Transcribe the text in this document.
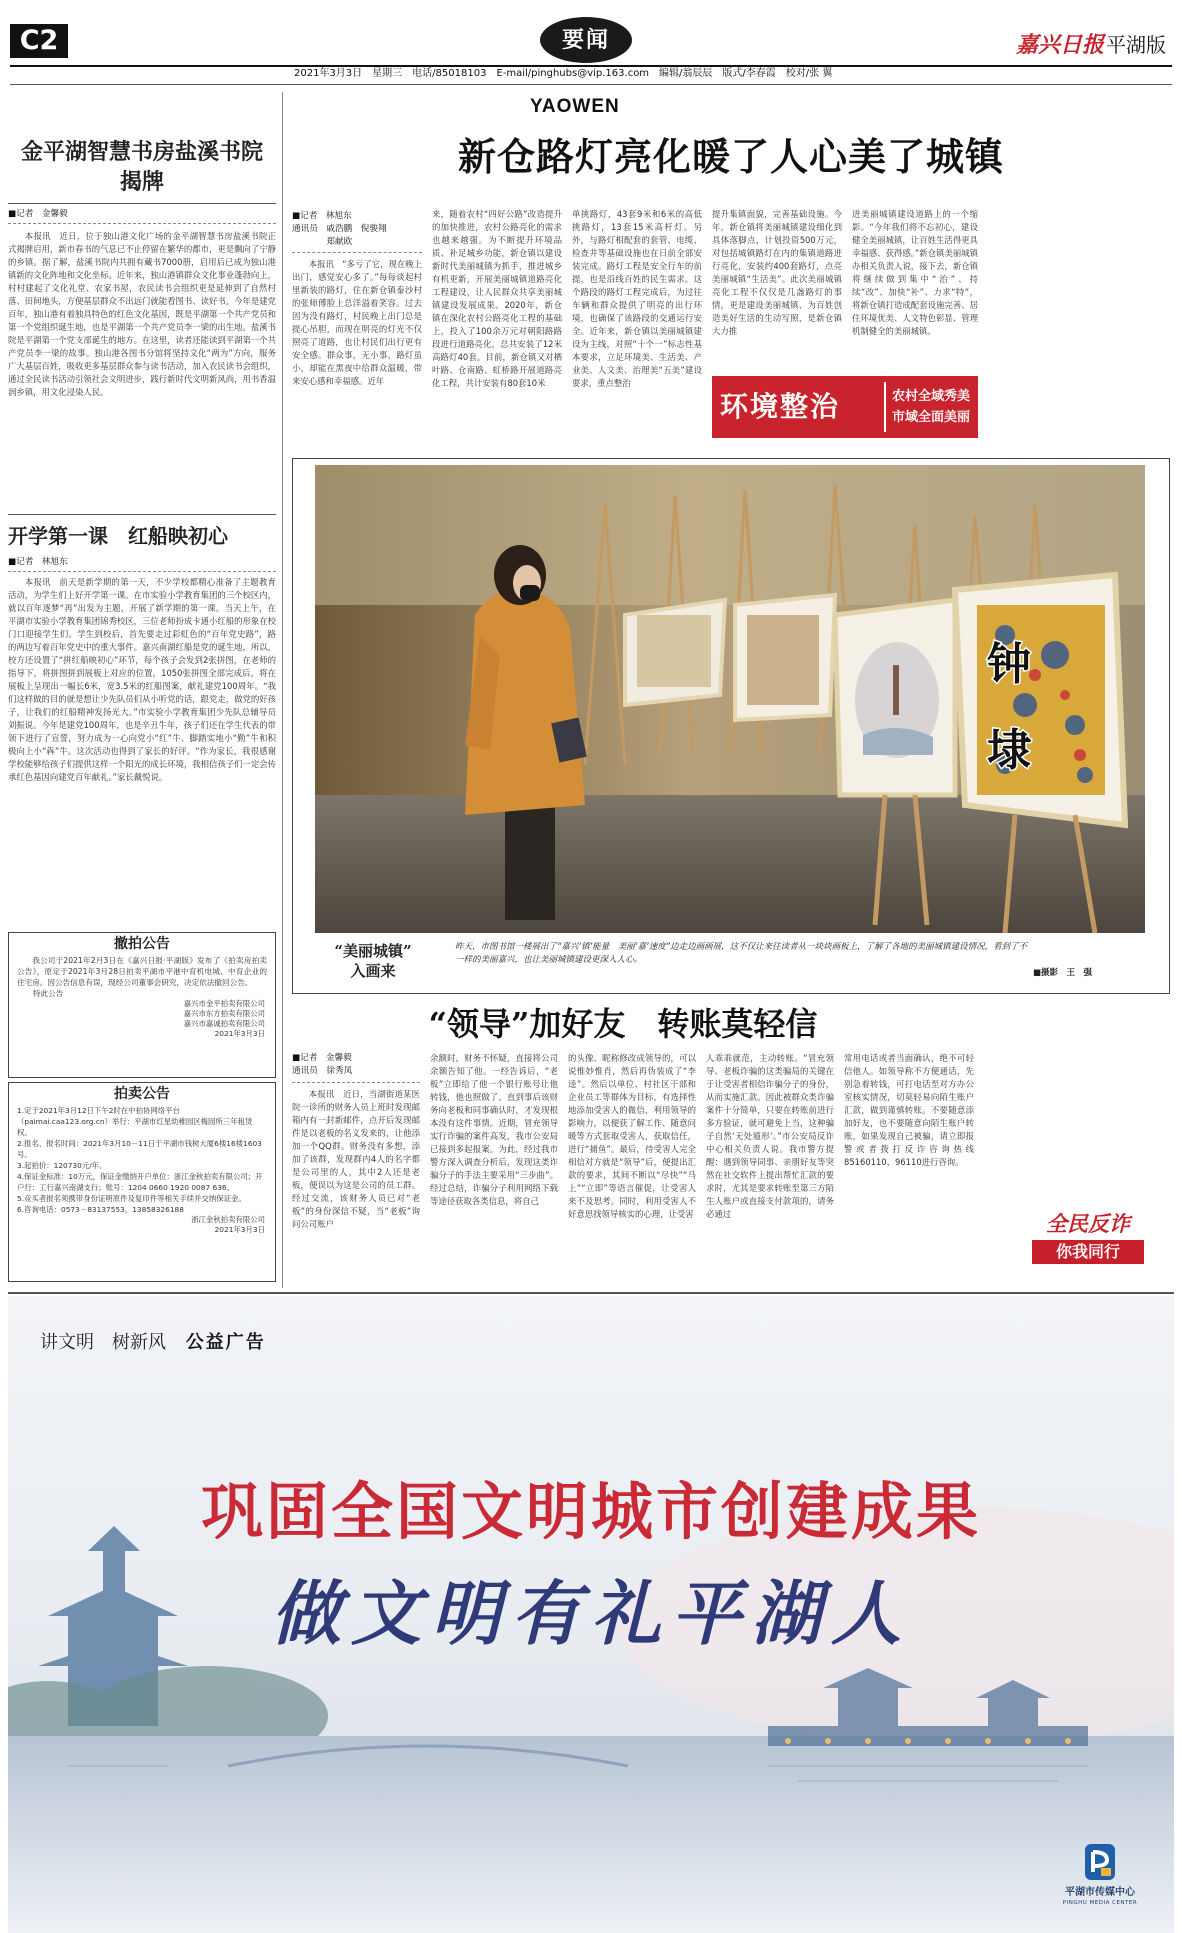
C2	要闻	嘉兴日报 平湖版
2021年3月3日　星期三　电话/85018103　E-mail/pinghubs@vip.163.com　编辑/翁辰辰　版式/李春霞　校对/张 翼
YAOWEN
金平湖智慧书房盐溪书院揭牌
■记者　金馨毅
本报讯　近日，位于独山港文化广场的金平湖智慧书房盐溪书院正式揭牌启用，新市春书的气息已不止停留在繁华的都市，更是飘向了宁静的乡镇。据了解，盐溪书院内共拥有藏书7000册，启用后已成为独山港镇新的文化阵地和文化坐标。近年来，独山港镇群众文化事业蓬勃向上，村村建起了文化礼堂、农家书屋，农民读书会组织更是延伸到了自然村落、田间地头，方便基层群众不出远门就能看图书、读好书。今年是建党百年，独山港有着独具特色的红色文化基因，既是平湖第一个共产党员和第一个党组织诞生地，也是平湖第一个共产党员李一梁的出生地。盐溪书院是平湖第一个党支部诞生的地方。在这里，读者还能读到平湖第一个共产党员李一梁的故事。独山港各图书分馆将坚持文化“两为”方向，服务广大基层百姓，吸收更多基层群众参与读书活动，加入农民读书会组织，通过全民读书活动引领社会文明进步，践行新时代文明新风尚，用书香温润乡镇，用文化浸染人民。
开学第一课　红船映初心
■记者　林旭东
本报讯　前天是新学期的第一天，不少学校都精心准备了主题教育活动，为学生们上好开学第一课。在市实验小学教育集团的三个校区内，就以百年逐梦“再”出发为主题，开展了新学期的第一课。当天上午，在平湖市实验小学教育集团锦秀校区，三位老师扮成卡通小红船的形象在校门口迎接学生们。学生到校后，首先要走过彩虹色的“百年党史路”，路的两边写着百年党史中的重大事件。嘉兴南湖红船是党的诞生地，所以，校方还设置了“拼红船映初心”环节，每个孩子会发到2张拼图，在老师的指导下，将拼图拼到展板上对应的位置，1050张拼图全部完成后，将在展板上呈现出一幅长6米，宽3.5米的红船图案，献礼建党100周年。“我们这样做的目的就是想让少先队员们从小听党的话，跟党走，做党的好孩子，让我们的红船精神发扬光大。”市实验小学教育集团少先队总辅导员刘振说。今年是建党100周年，也是辛丑牛年，孩子们还在学生代表的带领下进行了宣誓，努力成为一心向党小“红”牛、脚踏实地小“勤”牛和积极向上小“犇”牛。这次活动也得到了家长的好评。“作为家长，我很感谢学校能够给孩子们提供这样一个阳光的成长环境，我相信孩子们一定会传承红色基因向建党百年献礼。”家长戴悦说。
撤拍公告
我公司于2021年2月3日在《嘉兴日报·平湖版》发布了《拍卖房拍卖公告》，原定于2021年3月28日拍卖平湖市平港中育机电城、中育企业的住宅房。因公告信息有误，现经公司董事会研究，决定依法撤回公告。
特此公告
嘉兴市金平拍卖有限公司
嘉兴市东方拍卖有限公司
嘉兴市嘉诚拍卖有限公司
2021年3月3日
拍卖公告
1.定于2021年3月12日下午2时在中拍协网络平台（paimai.caa123.org.cn）举行：平湖市红星幼稚园区梅园所三年租赁权。
2.报名、报名时间：2021年3月10－11日于平湖市钱树大厦6楼16楼1603号。
3.起拍价：120730元/年。
4.保证金标准：10万元，保证金缴纳开户单位：浙江金秋拍卖有限公司；开户行：工行嘉兴南湖支行；账号：1204 0660 1920 0087 636。
5.竞买者报名须携带身份证明原件及复印件等相关手续并交纳保证金。
6.咨询电话：0573－83137553，13858326188
浙江金秋拍卖有限公司
2021年3月3日
新仓路灯亮化暖了人心美了城镇
■记者　林旭东
通讯员　戚浩鹏　倪骏翔
　　　　郑献欧
本报讯　“多亏了它，现在晚上出门，感觉安心多了。”每每谈起村里新装的路灯，住在新仓镇泰沙村的张师傅脸上总洋溢着笑容。过去因为没有路灯，村民晚上出门总是提心吊胆，而现在明亮的灯光不仅照亮了道路，也让村民们出行更有安全感。群众事，无小事。路灯虽小，却能在黑夜中给群众温暖，带来安心感和幸福感。近年
来，随着农村“四好公路”改造提升的加快推进，农村公路亮化的需求也越来越强。为不断提升环境品质、补足城乡功能，新仓镇以建设新时代美丽城镇为抓手，推进城乡有机更新，开展美丽城镇道路亮化工程建设，让人民群众共享美丽城镇建设发展成果。2020年，新仓镇在深化农村公路亮化工程的基础上，投入了100余万元对朝阳路路段进行道路亮化，总共安装了12米高路灯40套。目前，新仓镇又对栖叶路、仓南路、虹桥路开展道路亮化工程，共计安装有80套10米
单挑路灯，43套9米和6米的高低挑路灯，13套15米高杆灯。另外，与路灯相配套的套管、电缆、检查井等基础设施也在日前全部安装完成。路灯工程是安全行车的前提，也是沿线百姓的民生需求。这个路段的路灯工程完成后，为过往车辆和群众提供了明亮的出行环境，也确保了该路段的交通运行安全。近年来，新仓镇以美丽城镇建设为主线，对照“十个一”标志性基本要求，立足环境美、生活美、产业美、人文美、治理美“五美”建设要求，重点整治
提升集镇面貌，完善基础设施。今年，新仓镇将美丽城镇建设细化到具体落脚点，计划投资500万元，对包括城镇路灯在内的集镇道路进行亮化，安装约400套路灯，点亮美丽城镇“生活美”。此次美丽城镇亮化工程不仅仅是几盏路灯的事情，更是建设美丽城镇、为百姓创造美好生活的生动写照，是新仓镇大力推
进美丽城镇建设道路上的一个缩影。“今年我们将不忘初心，建设健全美丽城镇，让百姓生活得更具幸福感、获得感。”新仓镇美丽城镇办相关负责人说，接下去，新仓镇将继续做到集中“治”、持续“改”、加快“补”、力求“特”，将新仓镇打造成配套设施完善、居住环境优美、人文特色彰显、管理机制健全的美丽城镇。
环境整治	农村全域秀美
市域全面美丽
钟
埭
“美丽城镇”
入画来
昨天，市图书馆一楼展出了“嘉兴‘镇’能量　美丽‘嘉’速度”边走边画画展，这不仅让来往读者从一块块画板上，了解了各地的美丽城镇建设情况，看到了不一样的美丽嘉兴，也让美丽城镇建设更深入人心。
■摄影　王　强
“领导”加好友　转账莫轻信
■记者　金馨毅
通讯员　徐秀凤
本报讯　近日，当湖街道某医院一诊所的财务人员上班时发现邮箱内有一封新邮件，点开后发现邮件是以老板的名义发来的，让他添加一个QQ群。财务没有多想，添加了该群，发现群内4人的名字都是公司里的人，其中2人还是老板，便误以为这是公司的员工群。经过交流，该财务人员已对“老板”的身份深信不疑，当“老板”询问公司账户
余额时，财务不怀疑，直接将公司余额告知了他。一经告诉后，“老板”立即给了他一个银行账号让他转钱，他也照做了。直到事后该财务向老板和同事确认时，才发现根本没有这件事情。近期，冒充领导实行诈骗的案件高发，我市公安局已接到多起报案。为此，经过我市警方深入调查分析后，发现这类诈骗分子的手法主要采用“三步曲”。经过总结，诈骗分子利用网络下载等途径获取各类信息，将自己
的头像、昵称修改成领导的，可以说惟妙惟肖，然后再伪装成了“李逵”。然后以单位、村社区干部和企业员工等群体为目标，有选择性地添加受害人的微信，利用领导的影响力，以便获了解工作、随意问暖等方式套取受害人，获取信任，进行“捕鱼”。最后，待受害人完全相信对方就是“领导”后，便提出汇款的要求，其间不断以“尽快”“马上”“立即”等语言催促，让受害人来不及思考。同时，利用受害人不好意思找领导核实的心理，让受害
人乖乖就范，主动转账。“冒充领导、老板诈骗的这类骗局的关键在于让受害者相信诈骗分子的身份，从而实施汇款。因此被群众类诈骗案件十分简单，只要在转账前进行多方验证，就可避免上当，这种骗子自然‘无处遁形’。”市公安局反诈中心相关负责人说。我市警方提醒：遇到领导同事、亲朋好友等突然在社交软件上提出帮忙汇款的要求时，尤其是要求转账至第三方陌生人账户或直接支付款项的，请务必通过
常用电话或者当面确认，绝不可轻信他人。如领导称不方便通话，先别急着转钱，可打电话至对方办公室核实情况，切莫轻易向陌生账户汇款，做到谨慎转账。不要随意添加好友，也不要随意向陌生账户转账，如果发现自己被骗，请立即报警或者拨打反诈咨询热线85160110、96110进行咨询。
全民反诈
你我同行
讲文明　树新风 公益广告
巩固全国文明城市创建成果
做文明有礼平湖人
平湖市传媒中心
PINGHU MEDIA CENTER
